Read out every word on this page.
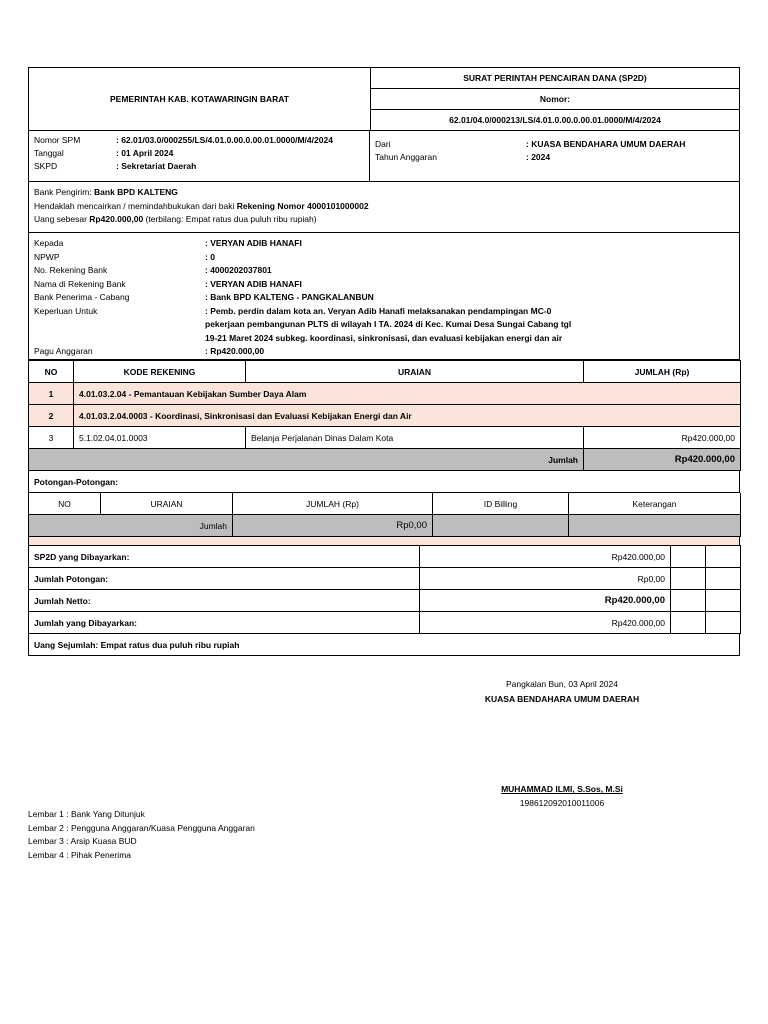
PEMERINTAH KAB. KOTAWARINGIN BARAT
SURAT PERINTAH PENCAIRAN DANA (SP2D)
Nomor:
62.01/04.0/000213/LS/4.01.0.00.0.00.01.0000/M/4/2024
Nomor SPM	: 62.01/03.0/000255/LS/4.01.0.00.0.00.01.0000/M/4/2024
Tanggal	: 01 April 2024
SKPD	: Sekretariat Daerah
Dari	: KUASA BENDAHARA UMUM DAERAH
Tahun Anggaran	: 2024
Bank Pengirim: Bank BPD KALTENG
Hendaklah mencairkan / memindahbukukan dari baki Rekening Nomor 4000101000002
Uang sebesar Rp420.000,00 (terbilang: Empat ratus dua puluh ribu rupiah)
Kepada	: VERYAN ADIB HANAFI
NPWP	: 0
No. Rekening Bank	: 4000202037801
Nama di Rekening Bank	: VERYAN ADIB HANAFI
Bank Penerima - Cabang	: Bank BPD KALTENG - PANGKALANBUN
Keperluan Untuk	: Pemb. perdin dalam kota an. Veryan Adib Hanafi melaksanakan pendampingan MC-0
pekerjaan pembangunan PLTS di wilayah I TA. 2024 di Kec. Kumai Desa Sungai Cabang tgl
19-21 Maret 2024 subkeg. koordinasi, sinkronisasi, dan evaluasi kebijakan energi dan air
Pagu Anggaran	: Rp420.000,00
NO	KODE REKENING	URAIAN	JUMLAH (Rp)
1	4.01.03.2.04 - Pemantauan Kebijakan Sumber Daya Alam		
2	4.01.03.2.04.0003 - Koordinasi, Sinkronisasi dan Evaluasi Kebijakan Energi dan Air		
3	5.1.02.04.01.0003	Belanja Perjalanan Dinas Dalam Kota	Rp420.000,00
Jumlah			Rp420.000,00
Potongan-Potongan:
NO	URAIAN	JUMLAH (Rp)	ID Billing	Keterangan
Jumlah		Rp0,00		
SP2D yang Dibayarkan:	Rp420.000,00		
Jumlah Potongan:	Rp0,00		
Jumlah Netto:	Rp420.000,00		
Jumlah yang Dibayarkan:	Rp420.000,00		
Uang Sejumlah: Empat ratus dua puluh ribu rupiah
Pangkalan Bun, 03 April 2024
KUASA BENDAHARA UMUM DAERAH
MUHAMMAD ILMI, S.Sos, M.Si
198612092010011006
Lembar 1 : Bank Yang Ditunjuk
Lembar 2 : Pengguna Anggaran/Kuasa Pengguna Anggaran
Lembar 3 : Arsip Kuasa BUD
Lembar 4 : Pihak Penerima
